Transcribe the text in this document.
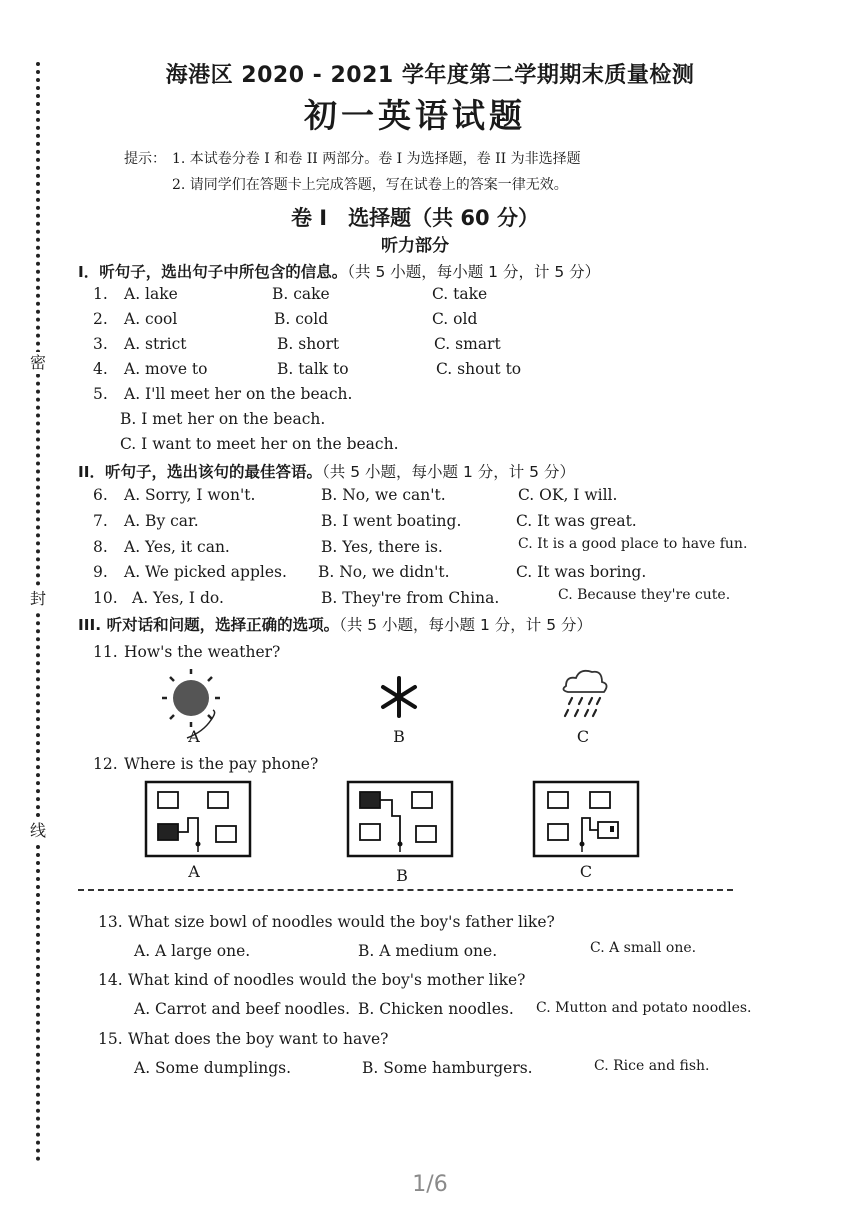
密
封
线
海港区 2020 - 2021 学年度第二学期期末质量检测
初一英语试题
提示： 1. 本试卷分卷 I 和卷 II 两部分。卷 I 为选择题，卷 II 为非选择题
2. 请同学们在答题卡上完成答题，写在试卷上的答案一律无效。
卷 I　选择题（共 60 分）
听力部分
I．听句子，选出句子中所包含的信息。（共 5 小题，每小题 1 分，计 5 分）
1. A. lake	B. cake	C. take
2. A. cool	B. cold	C. old
3. A. strict	B. short	C. smart
4. A. move to	B. talk to	C. shout to
5. A. I'll meet her on the beach.
B. I met her on the beach.
C. I want to meet her on the beach.
II．听句子，选出该句的最佳答语。（共 5 小题，每小题 1 分，计 5 分）
6. A. Sorry, I won't.	B. No, we can't.	C. OK, I will.
7. A. By car.	B. I went boating.	C. It was great.
8. A. Yes, it can.	B. Yes, there is.	C. It is a good place to have fun.
9. A. We picked apples. B. No, we didn't.	C. It was boring.
10. A. Yes, I do.	B. They're from China.	C. Because they're cute.
III. 听对话和问题，选择正确的选项。（共 5 小题，每小题 1 分，计 5 分）
11. How's the weather?
A	B	C
12. Where is the pay phone?
A	B	C
13. What size bowl of noodles would the boy's father like?
A. A large one.	B. A medium one.	C. A small one.
14. What kind of noodles would the boy's mother like?
A. Carrot and beef noodles. B. Chicken noodles. C. Mutton and potato noodles.
15. What does the boy want to have?
A. Some dumplings.	B. Some hamburgers.	C. Rice and fish.
1/6
